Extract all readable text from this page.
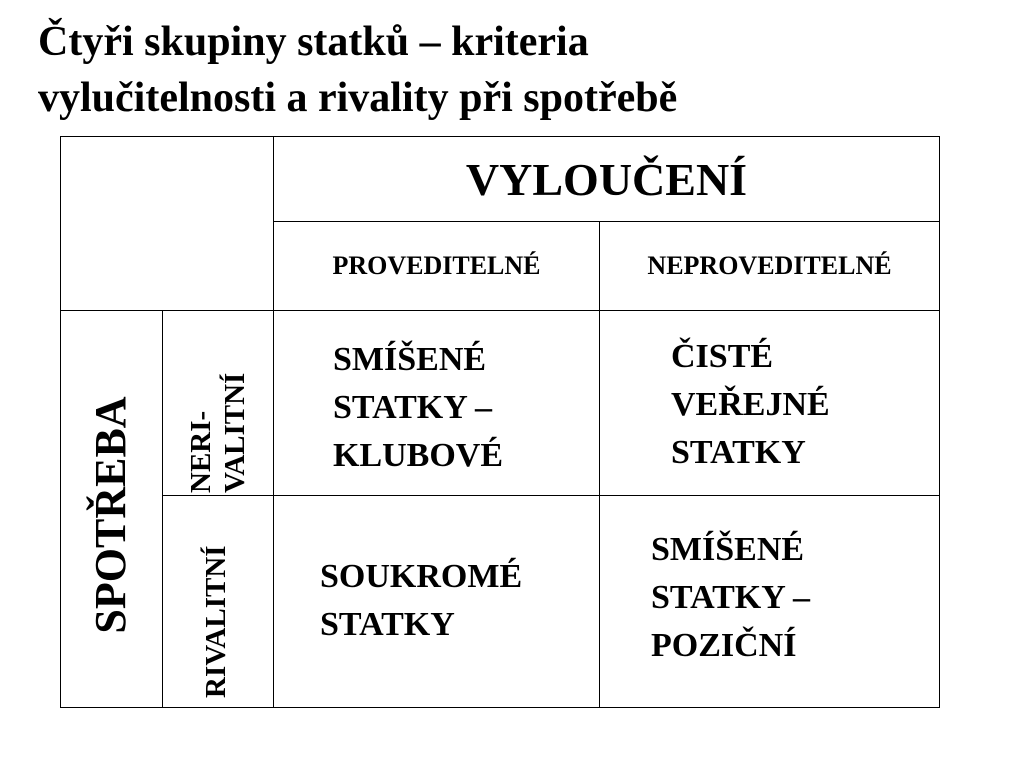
Čtyři skupiny statků – kriteria
vylučitelnosti a rivality při spotřebě
VYLOUČENÍ
PROVEDITELNÉ	NEPROVEDITELNÉ
SPOTŘEBA NERI- VALITNÍ
RIVALITNÍ
SMÍŠENÉ
STATKY –
KLUBOVÉ
ČISTÉ
VEŘEJNÉ
STATKY
SOUKROMÉ
STATKY
SMÍŠENÉ
STATKY –
POZIČNÍ
